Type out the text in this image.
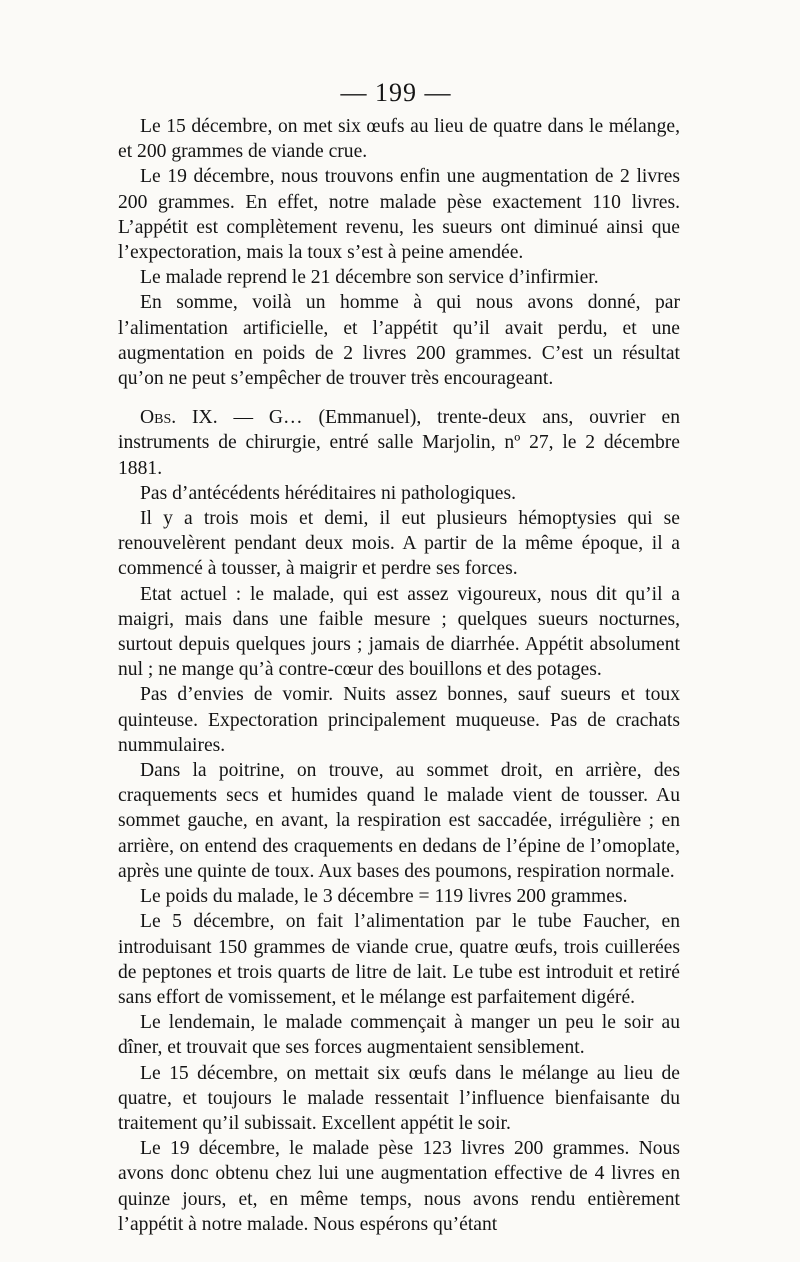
— 199 —

Le 15 décembre, on met six œufs au lieu de quatre dans le mélange, et 200 grammes de viande crue.

Le 19 décembre, nous trouvons enfin une augmentation de 2 livres 200 grammes. En effet, notre malade pèse exactement 110 livres. L’appétit est complètement revenu, les sueurs ont diminué ainsi que l’expectoration, mais la toux s’est à peine amendée.

Le malade reprend le 21 décembre son service d’infirmier.

En somme, voilà un homme à qui nous avons donné, par l’alimentation artificielle, et l’appétit qu’il avait perdu, et une augmentation en poids de 2 livres 200 grammes. C’est un résultat qu’on ne peut s’empêcher de trouver très encourageant.

Obs. IX. — G… (Emmanuel), trente-deux ans, ouvrier en instruments de chirurgie, entré salle Marjolin, nº 27, le 2 décembre 1881.

Pas d’antécédents héréditaires ni pathologiques.

Il y a trois mois et demi, il eut plusieurs hémoptysies qui se renouvelèrent pendant deux mois. A partir de la même époque, il a commencé à tousser, à maigrir et perdre ses forces.

Etat actuel : le malade, qui est assez vigoureux, nous dit qu’il a maigri, mais dans une faible mesure ; quelques sueurs nocturnes, surtout depuis quelques jours ; jamais de diarrhée. Appétit absolument nul ; ne mange qu’à contre-cœur des bouillons et des potages.

Pas d’envies de vomir. Nuits assez bonnes, sauf sueurs et toux quinteuse. Expectoration principalement muqueuse. Pas de crachats nummulaires.

Dans la poitrine, on trouve, au sommet droit, en arrière, des craquements secs et humides quand le malade vient de tousser. Au sommet gauche, en avant, la respiration est saccadée, irrégulière ; en arrière, on entend des craquements en dedans de l’épine de l’omoplate, après une quinte de toux. Aux bases des poumons, respiration normale.

Le poids du malade, le 3 décembre = 119 livres 200 grammes.

Le 5 décembre, on fait l’alimentation par le tube Faucher, en introduisant 150 grammes de viande crue, quatre œufs, trois cuillerées de peptones et trois quarts de litre de lait. Le tube est introduit et retiré sans effort de vomissement, et le mélange est parfaitement digéré.

Le lendemain, le malade commençait à manger un peu le soir au dîner, et trouvait que ses forces augmentaient sensiblement.

Le 15 décembre, on mettait six œufs dans le mélange au lieu de quatre, et toujours le malade ressentait l’influence bienfaisante du traitement qu’il subissait. Excellent appétit le soir.

Le 19 décembre, le malade pèse 123 livres 200 grammes. Nous avons donc obtenu chez lui une augmentation effective de 4 livres en quinze jours, et, en même temps, nous avons rendu entièrement l’appétit à notre malade. Nous espérons qu’étant
